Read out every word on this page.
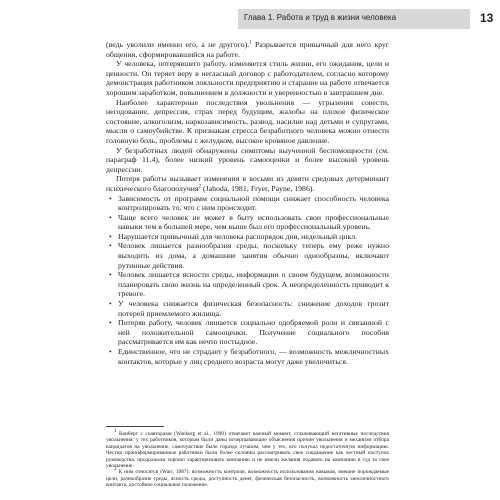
Глава 1. Работа и труд в жизни человека	13

(ведь уволили именно его, а не другого).$^1$ Разрывается привычный для него круг общения, сформировавшийся на работе.

У человека, потерявшего работу, изменяется стиль жизни, его ожидания, цели и ценности. Он теряет веру в негласный договор с работодателем, согласно которому демонстрация работником лояльности предприятию и старание на работе отвечается хорошим заработком, повышением в должности и уверенностью в завтрашнем дне.

Наиболее характерные последствия увольнения — угрызения совести, негодование, депрессия, страх перед будущим, жалобы на плохое физическое состояние, алкоголизм, наркозависимость, развод, насилие над детьми и супругами, мысли о самоубийстве. К признакам стресса безработного человека можно отнести головную боль, проблемы с желудком, высокое кровяное давление.

У безработных людей обнаружены симптомы выученной беспомощности (см. параграф 11.4), более низкий уровень самооценки и более высокий уровень депрессии.

Потеря работы вызывает изменения в восьми из девяти средовых детерминант психического благополучия$^2$ (Jahoda, 1981; Fryer, Payne, 1986).

• Зависимость от программ социальной помощи снижает способность человека контролировать то, что с ним происходит.
• Чаще всего человек не может в быту использовать свои профессиональные навыки тем в большей мере, чем выше был его профессиональный уровень.
• Нарушается привычный для человека распорядок дня, недельный цикл.
• Человек лишается разнообразия среды, поскольку теперь ему реже нужно выходить из дома, а домашние занятия обычно однообразны, включают рутинные действия.
• Человек лишается ясности среды, информации о своем будущем, возможности планировать свою жизнь на определенный срок. А неопределенность приводит к тревоге.
• У человека снижается физическая безопасность: снижение доходов грозит потерей приемлемого жилища.
• Потеряв работу, человек лишается социально одобряемой роли и связанной с ней положительной самооценки. Получение социального пособия рассматривается им как нечто постыдное.
• Единственное, что не страдает у безработного, — возможность межличностных контактов, которые у лиц среднего возраста могут даже увеличиться.

$^1$ Ванберг с соавторами (Wanberg et al., 1999) отмечают важный момент, сглаживающий негативные последствия увольнения: у тех работников, которым были даны исчерпывающие объяснения причин увольнения и механизм отбора кандидатов на увольнение, самочувствие было гораздо лучшим, чем у тех, кто получал недостаточную информацию. Честно проинформированные работники были более склонны рассматривать свое сокращение как честный поступок руководства, продолжали хорошо характеризовать компанию и не имели желания подавать на компанию в суд за свое увольнение.

$^2$ К ним относятся (Warr, 1987): возможность контроля, возможность использования навыков, внешне порождаемые цели, разнообразие среды, ясность среды, доступность денег, физическая безопасность, возможность межличностного контакта, достойное социальное положение.
